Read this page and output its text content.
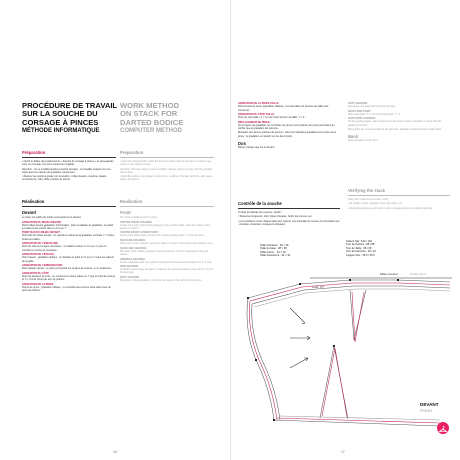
PROCÉDURE DE TRAVAIL
SUR LA SOUCHE DU
CORSAGE À PINCES
MÉTHODE INFORMATIQUE
WORK METHOD
ON STACK FOR
DARTED BODICE
COMPUTER METHOD
Préparation

• Ouvrir le fichier de la patronnerie « Souche du corsage à pinces » et sauvegarder sous un nouveau nom pour conserver l'original.

Attention : on ne modifie jamais la souche de base ; on travaille toujours sur une copie avec les valeurs de gradation conservées.

• Repérer les points à grader sur la souche : milieu devant, encolure, épaule, emmanchure, côté, taille, pointes de pinces.

Preparation

• Open the darted bodice stack file from the pattern library and save it under a new name so the original is kept.

Attention: the base stack is never modified; always work on a copy with the grading values kept.

• Mark the points to be graded: centre front, neckline, shoulder, armhole, side seam, waist, dart points.

Réalisation
Devant

Le tracé est établi par points successifs sur le devant.

GRADATION DU MILIEU DEVANT

Point milieu devant (gradation horizontale) : dans le tableau de gradation, on saisit les valeurs des points cités en X et en Y.

POINT BAS DU MILIEU DEVANT

Point bas du milieu devant : on reporte la valeur de la gradation verticale Y = 0 pour toutes les tailles.

GRADATION DE L'ENCOLURE

Point de côté sur la ligne d'encolure : on saisit la valeur en X et en Y, puis on contrôle la courbe de l'encolure.

GRADATION DE L'ÉPAULE

Point épaule : gradation oblique ; on déplace le point en X et en Y selon les valeurs de la grille.

GRADATION DE L'EMMANCHURE

Point épaule carrure : le point est reporté sur la ligne de carrure, en X seulement.

GRADATION DU CÔTÉ

Point de dessous de bras : on conserve la même valeur en Y que le point de carrure, et X = 1/4 de l'écart de tour de poitrine.

GRADATION DE LA PINCE

Pointe de pince : gradation oblique ; on contrôle que la pince reste dans l'axe du point de poitrine.

Realisation
Front

The front is drafted point by point.

CENTRE FRONT GRADING

Centre front point (horizontal grading): in the grading table, enter the values of the points in X and Y.

CENTRE FRONT LOWER POINT

Centre front lower point: transfer the vertical grading value Y = 0 for all sizes.

NECKLINE GRADING

Side point on the neckline: enter the value in X and Y, then check the neckline curve.

SHOULDER GRADING

Shoulder point: oblique grading; move the point in X and Y according to the grid values.

ARMHOLE GRADING

Across-shoulder point: the point is transferred to the across-shoulder line, in X only.

SIDE GRADING

Underarm point: keep the same Y value as the across-shoulder point, and X = 1/4 of the bust gap.

DART GRADING

Dart point: oblique grading; check the dart stays in line with the bust point.

16
GRADATION DE LA PINCE TAILLE

Points bords de pince (gradation oblique) : les intervalles de la pince de taille sont conservés.

GRADATION DU CÔTÉ TAILLE

Point de côté taille : X = 1/4 de l'écart de tour de taille, Y = 0.

DÉPLACEMENT DE PINCE

Sur la figure de gradation, les contrôles de pinces et les pointes de pince permettent de vérifier que la gradation est correcte.

Élévation des pinces (pointes de pinces) : elles sont décalées parallèlement à l'axe de la pince ; la gradation se répartit sur les deux bords.

Dos

Même principe que sur le devant.

DART GRADING

Dart sides: the waist dart intervals are kept.

WAIST SIDE POINT

Side waist point: X = 1/4 of the waist gap, Y = 0.

DART DISPLACEMENT

On the grading figure, dart controls and dart points make it possible to check that the grading is correct.

Dart points are moved parallel to the dart axis; grading is shared between both sides.

Back

Same principle as the front.

Contrôle de la souche

À l'aide du tableau de mesures, vérifier :

• Toutes les longueurs, côté, lignes d'épaule, bords des pinces, etc.

• Les évolutions entre chaque taille pour repérer une anomalie de mesure ou d'évolution (ex : évolution, distorsion, longueurs d'épaule).

Verifying the stack

Using the measurement chart, verify:

• All lengths, sides, shoulder lines, dart sides, etc.

• Evolutions between each size to spot a measurement or evolution anomaly.

Taille Intérieure : 36 = 36
Taille de base : 38 = 38
Taille Interm. : 40 = 40
Taille Supérieure : 42 = 42
Stature Std : 164 / 164
Tour de Poitrine : 88 / 88
Tour de Taille : 68 / 68
Tour de Hanches : 94 / 94
Largeur Dos : 35,5 / 35,5
Milieu devant	Centre front
Grad. X/Y
DEVANT
FRONT
17
